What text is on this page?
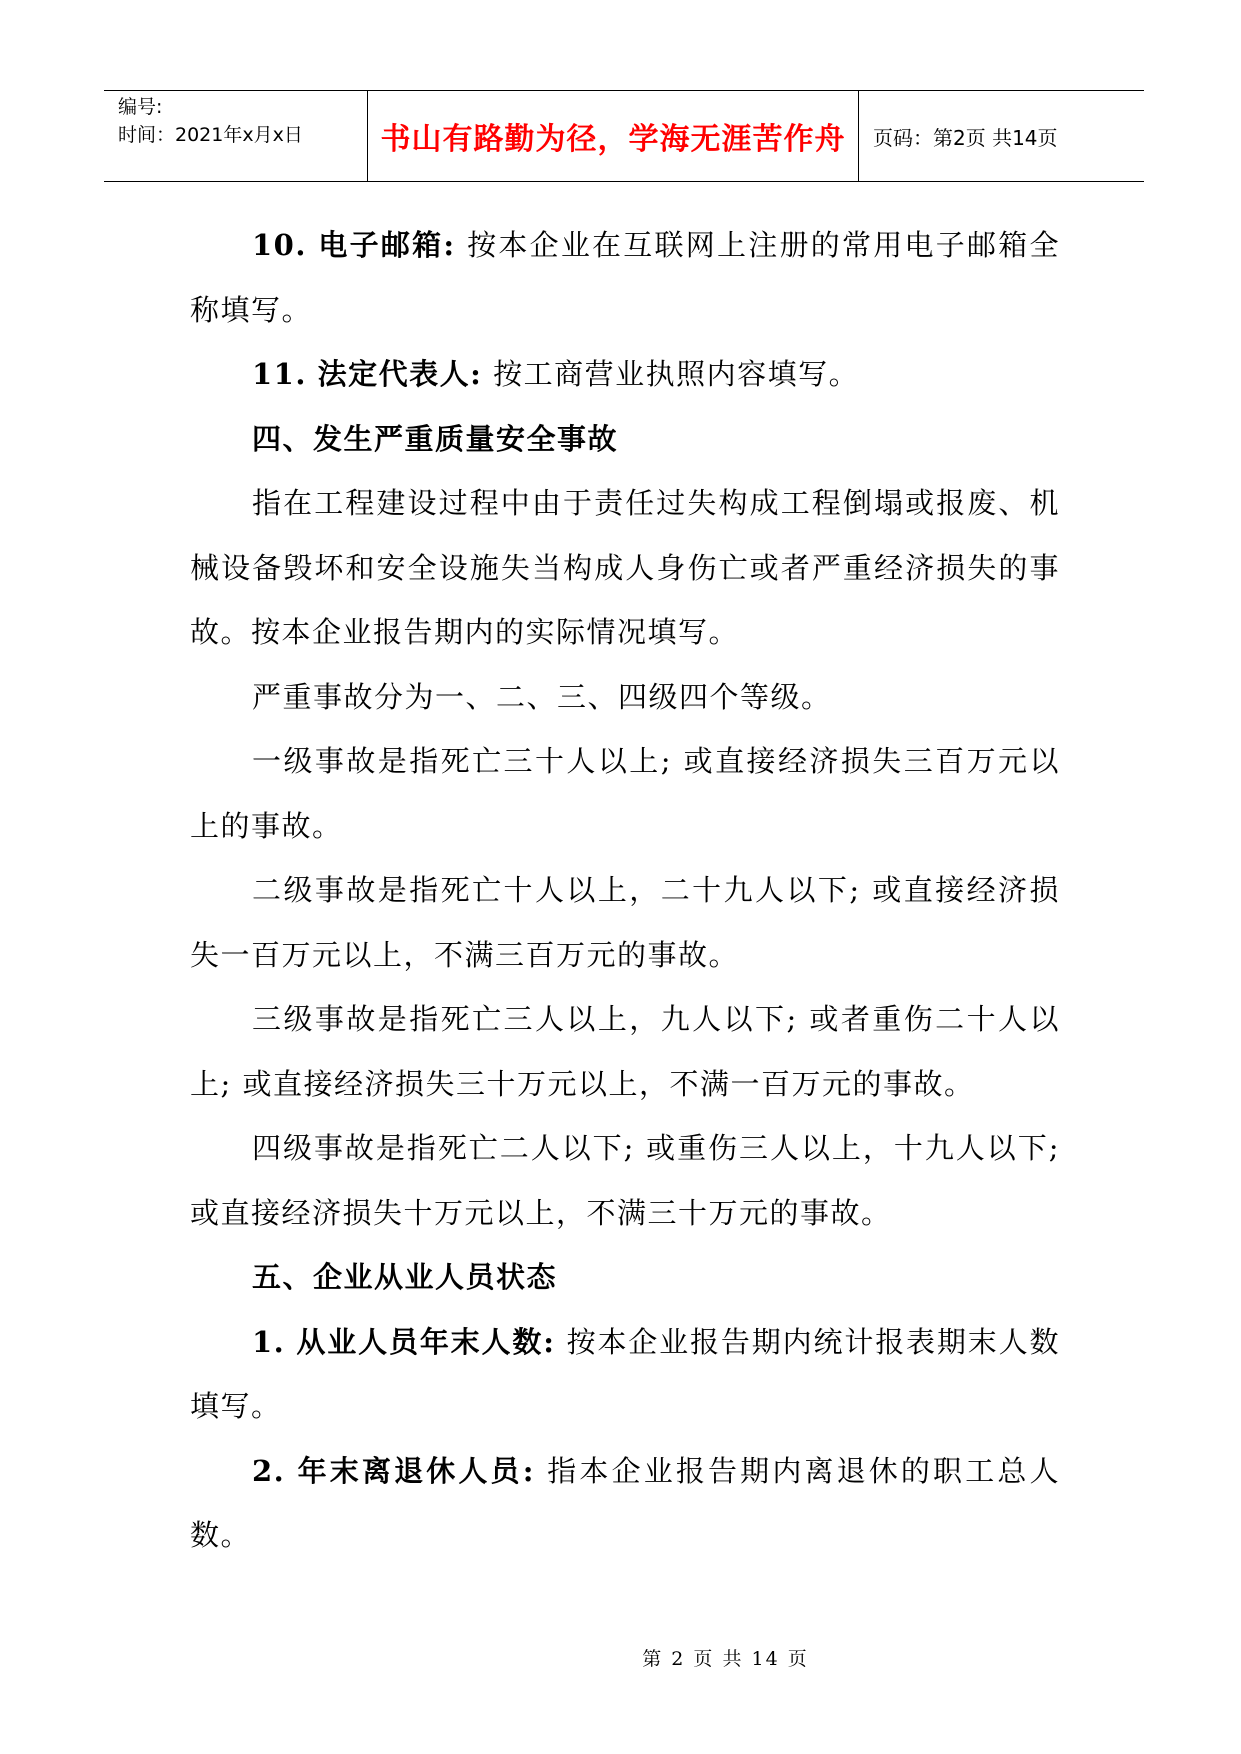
编号:
时间：2021年x月x日	书山有路勤为径，学海无涯苦作舟 页码：第2页 共14页

10. 电子邮箱: 按本企业在互联网上注册的常用电子邮箱全称填写。

11. 法定代表人: 按工商营业执照内容填写。

四、发生严重质量安全事故

指在工程建设过程中由于责任过失构成工程倒塌或报废、机械设备毁坏和安全设施失当构成人身伤亡或者严重经济损失的事故。按本企业报告期内的实际情况填写。

严重事故分为一、二、三、四级四个等级。

一级事故是指死亡三十人以上; 或直接经济损失三百万元以上的事故。

二级事故是指死亡十人以上，二十九人以下; 或直接经济损失一百万元以上，不满三百万元的事故。

三级事故是指死亡三人以上，九人以下; 或者重伤二十人以上; 或直接经济损失三十万元以上，不满一百万元的事故。

四级事故是指死亡二人以下; 或重伤三人以上，十九人以下; 或直接经济损失十万元以上，不满三十万元的事故。

五、企业从业人员状态

1. 从业人员年末人数: 按本企业报告期内统计报表期末人数填写。

2. 年末离退休人员: 指本企业报告期内离退休的职工总人数。

第 2 页 共 14 页
